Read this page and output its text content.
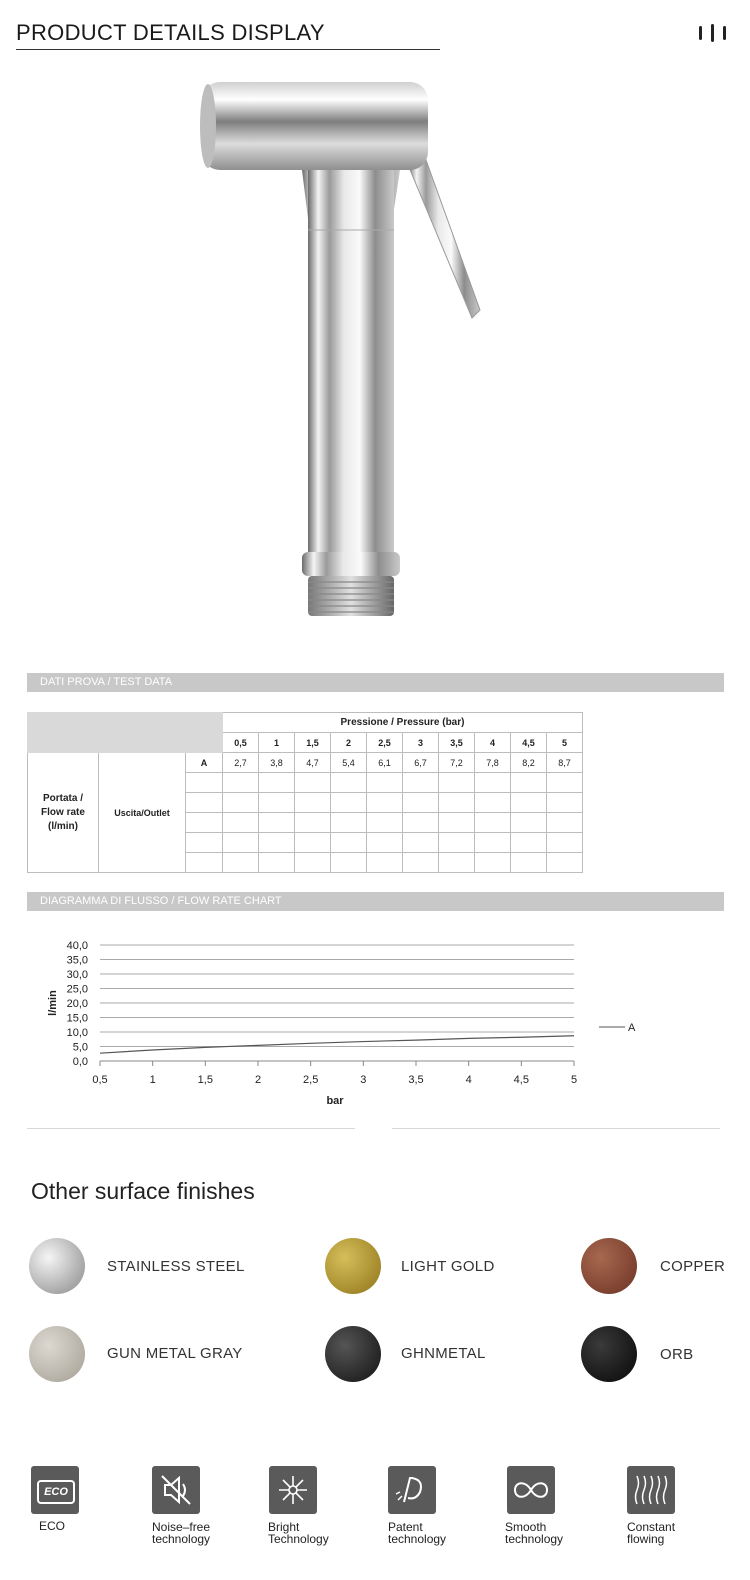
PRODUCT DETAILS DISPLAY
DATI PROVA / TEST DATA
			Pressione / Pressure (bar)									
			0,5	1	1,5	2	2,5	3	3,5	4	4,5	5
Portata / Flow rate (l/min)	Uscita/Outlet	A	2,7	3,8	4,7	5,4	6,1	6,7	7,2	7,8	8,2	8,7

DIAGRAMMA DI FLUSSO / FLOW RATE CHART
0,0
5,0
10,0
15,0
20,0
25,0
30,0
35,0
40,0
0,5	1	1,5	2	2,5	3	3,5	4	4,5	5
A
bar
l/min
Other surface finishes
STAINLESS STEEL	LIGHT GOLD	COPPER
GUN METAL GRAY	GHNMETAL	ORB
ECO
ECO	Noise–free
technology
Bright
Technology
Patent
technology
Smooth
technology
Constant
flowing
